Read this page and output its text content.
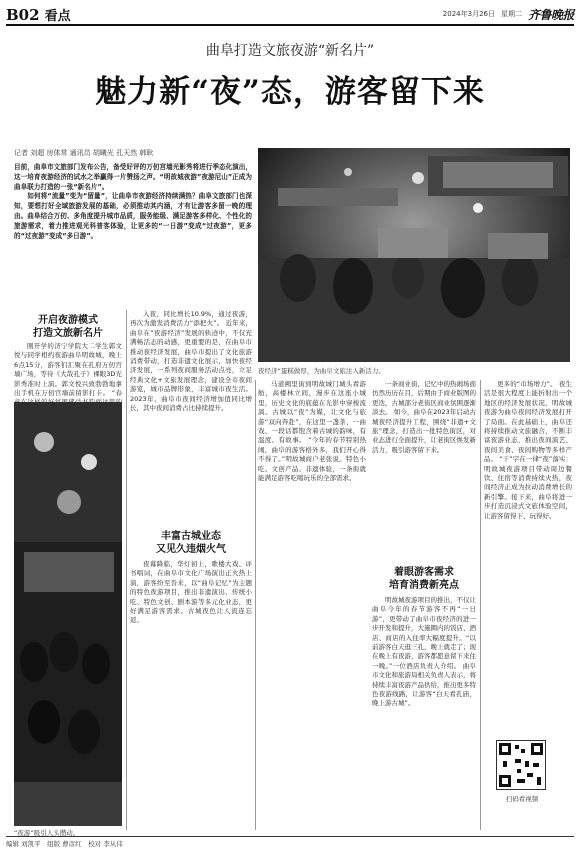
B02 看点	2024年3月26日 星期二 齐鲁晚报
曲阜打造文旅夜游“新名片”
魅力新“夜”态，游客留下来
记者 刘超 房体常 通讯员 胡曦光 孔天然 韩耿
目前，曲阜市文旅部门发布公告，备受好评的万仞宫墙光影秀将进行季态化演出，这一培育夜游经济的试水之举赢得一片赞扬之声。“明故城夜游”夜游尼山”正成为曲阜联力打造的一张“新名片”。
　　如何将“流量”变为“留量”，让曲阜市夜游经济持续满热？曲阜文旅部门也深知，要想打好全域旅游发展的基础，必须推动其内涵，才有让游客多留一晚的理由。曲阜结合万仞、多角度提升城市品质，服务能级、满足游客多样化、个性化的旅游需求，着力推进观光科普客体验，让更多的“一日游”变成“过夜游”，更多的“过夜游”变成“多日游”。
夜经济“蛋糕做厚，为曲阜文旅注入新活力。
开启夜游模式
打造文旅新名片

刚开学的济宁学院大二学生郭文悦与同学相约夜游曲阜明故城，晚上6点15分，游客们汇聚在孔府万仞宫墙广场，等待《大哉孔子》裸眼3D光影秀准时上演。郭文悦兴致勃勃地拿出手机在万仞宫墙前留影打卡。 “春

“夜游”吸引人头攒动。

入夜，同比增长10.9%，通过夜游，再次为激发消费活力“添把火”。 近年来，曲阜在“夜游经济”发展的轨迹中，不仅充满畅活态的动感，更重要的是，在曲阜市推动夜经济发展，曲阜市提出了文化旅游消费带动，打造非遗文化展示，加快夜经济发展，一系列夜间服务活动点亮，立足经典文化+文旅发展理念，建设全市夜间游览，城市品牌形象，丰富城市夜生活。2023年，曲阜市夜间经济增加值同比增长，其中夜间消费占比持续提升。

丰富古城业态
又见久违烟火气

夜幕降临，华灯初上，歌楼大戏、评书唱词，在曲阜市文化广场演出正火热上演，游客纷至沓来，以“曲阜记忆”为主题的特色夜游项目，推出非遗演出、传统小吃、特色文创、剧本游等多元化业态，更好满足游客需求。古城夜色让人流连忘返。

马道阙里街到明故城门城头看游舫，高楼林立间，漫步在这座小城里，历史文化的底蕴在光影中穿梭流淌。古城以“夜”为媒，让文化与旅游“双向奔赴”，在这里一盏茶、一曲戏、一段话都饱含着古城的韵味，有温度、有故事。 “今年的春节特别热闹，曲阜的游客格外多，我们开心得不得了。”明故城商户老张说。特色小吃、文创产品、非遗体验，一条街就能满足游客吃喝玩乐的全部需求。

一条商业街，记忆中的热闹场面仿然历历在目，后期由于商业版图的更迭，古城部分老街区商业氛围逐渐淡去。 如今，曲阜在2023年启动古城夜经济提升工程，围绕“非遗+文旅”理念，打造出一批特色街区，对业态进行全面提升，让老街区焕发新活力，吸引游客留下来。

着眼游客需求
培育消费新亮点

明故城夜游项目的推出，不仅让曲阜今年的春节游客不再“一日游”，更带动了曲阜市夜经济的进一步开发和提升，大施圈内的饭店、酒店、商店的入住率大幅度提升。“以前游客白天逛三孔，晚上就走了；现在晚上有夜游，游客都愿意留下来住一晚。”一位酒店负责人介绍。 曲阜市文化和旅游局相关负责人表示，将持续丰富夜游产品供给，推出更多特色夜游线路，让游客“白天看孔庙，晚上游古城”。

更多的“市场增力”。 夜生活是很大程度上能折射出一个地区的经济发展状况，明故城夜游为曲阜夜间经济发展打开了局面。在此基础上，曲阜还将持续推动文旅融合，不断丰富夜游业态，推出夜间演艺、夜间美食、夜间购物等多样产品。 “干”字在一律“夜”落实：明故城夜游项目带动周边餐饮、住宿等消费持续火热，夜间经济正成为拉动消费增长的新引擎。接下来，曲阜将进一步打造沉浸式文旅体验空间，让游客留得下、玩得好。

扫码看视频
编辑 刘凯平　组版 曹彦红　校对 李从伟
